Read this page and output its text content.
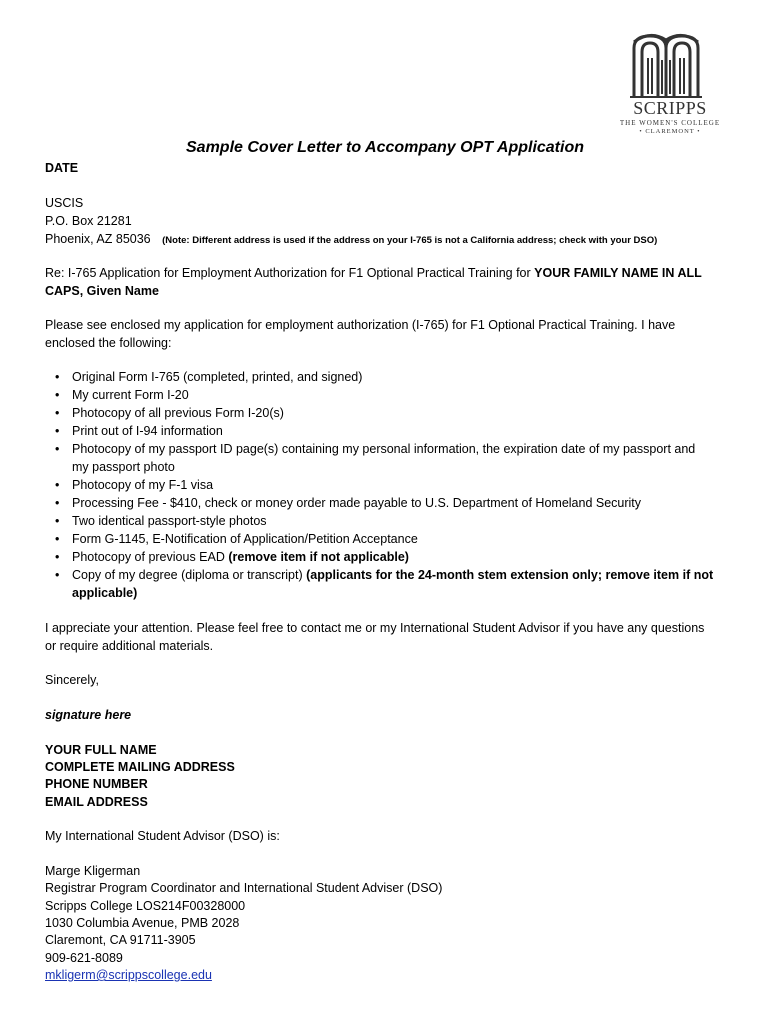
SCRIPPS
THE WOMEN'S COLLEGE
• CLAREMONT •
Sample Cover Letter to Accompany OPT Application
DATE
USCIS
P.O. Box 21281
Phoenix, AZ 85036 (Note: Different address is used if the address on your I-765 is not a California address; check with your DSO)
Re: I-765 Application for Employment Authorization for F1 Optional Practical Training for YOUR FAMILY NAME IN ALL
CAPS, Given Name
Please see enclosed my application for employment authorization (I-765) for F1 Optional Practical Training. I have
enclosed the following:
• Original Form I-765 (completed, printed, and signed)
• My current Form I-20
• Photocopy of all previous Form I-20(s)
• Print out of I-94 information
• Photocopy of my passport ID page(s) containing my personal information, the expiration date of my passport and
my passport photo
• Photocopy of my F-1 visa
• Processing Fee - $410, check or money order made payable to U.S. Department of Homeland Security
• Two identical passport-style photos
• Form G-1145, E-Notification of Application/Petition Acceptance
• Photocopy of previous EAD (remove item if not applicable)
• Copy of my degree (diploma or transcript) (applicants for the 24-month stem extension only; remove item if not
applicable)
I appreciate your attention. Please feel free to contact me or my International Student Advisor if you have any questions
or require additional materials.
Sincerely,
signature here
YOUR FULL NAME
COMPLETE MAILING ADDRESS
PHONE NUMBER
EMAIL ADDRESS
My International Student Advisor (DSO) is:
Marge Kligerman
Registrar Program Coordinator and International Student Adviser (DSO)
Scripps College LOS214F00328000
1030 Columbia Avenue, PMB 2028
Claremont, CA 91711-3905
909-621-8089
mkligerm@scrippscollege.edu
